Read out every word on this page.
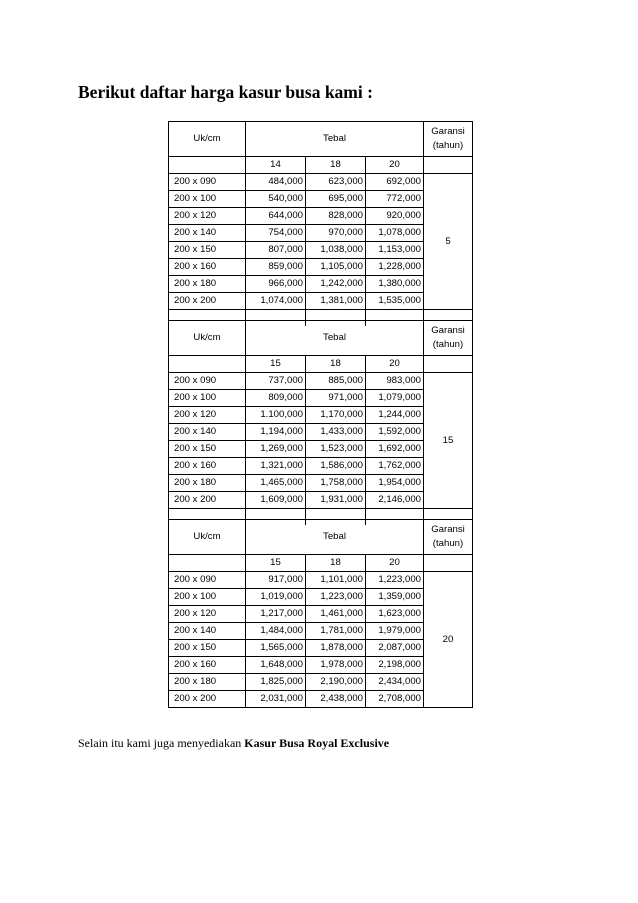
Berikut daftar harga kasur busa kami :
Uk/cm	Tebal			Garansi
(tahun)
	14	18	20	
200 x 090	484,000	623,000	692,000	5
200 x 100	540,000	695,000	772,000	
200 x 120	644,000	828,000	920,000	
200 x 140	754,000	970,000	1,078,000	
200 x 150	807,000	1,038,000	1,153,000	
200 x 160	859,000	1,105,000	1,228,000	
200 x 180	966,000	1,242,000	1,380,000	
200 x 200	1,074,000	1,381,000	1,535,000	

Uk/cm	Tebal			Garansi
(tahun)
	15	18	20	
200 x 090	737,000	885,000	983,000	15
200 x 100	809,000	971,000	1,079,000	
200 x 120	1.100,000	1,170,000	1,244,000	
200 x 140	1,194,000	1,433,000	1,592,000	
200 x 150	1,269,000	1,523,000	1,692,000	
200 x 160	1,321,000	1,586,000	1,762,000	
200 x 180	1,465,000	1,758,000	1,954,000	
200 x 200	1,609,000	1,931,000	2,146,000	

Uk/cm	Tebal			Garansi
(tahun)
	15	18	20	
200 x 090	917,000	1,101,000	1,223,000	20
200 x 100	1,019,000	1,223,000	1,359,000	
200 x 120	1,217,000	1,461,000	1,623,000	
200 x 140	1,484,000	1,781,000	1,979,000	
200 x 150	1,565,000	1,878,000	2,087,000	
200 x 160	1,648,000	1,978,000	2,198,000	
200 x 180	1,825,000	2,190,000	2,434,000	
200 x 200	2,031,000	2,438,000	2,708,000	

Selain itu kami juga menyediakan Kasur Busa Royal Exclusive
